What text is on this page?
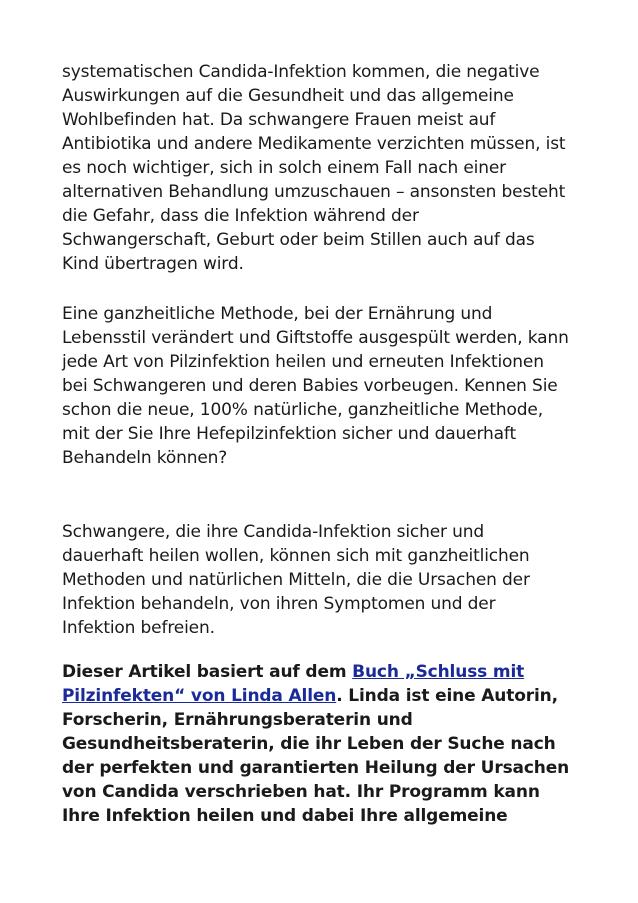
systematischen Candida-Infektion kommen, die negative
Auswirkungen auf die Gesundheit und das allgemeine
Wohlbefinden hat. Da schwangere Frauen meist auf
Antibiotika und andere Medikamente verzichten müssen, ist
es noch wichtiger, sich in solch einem Fall nach einer
alternativen Behandlung umzuschauen – ansonsten besteht
die Gefahr, dass die Infektion während der
Schwangerschaft, Geburt oder beim Stillen auch auf das
Kind übertragen wird.

Eine ganzheitliche Methode, bei der Ernährung und
Lebensstil verändert und Giftstoffe ausgespült werden, kann
jede Art von Pilzinfektion heilen und erneuten Infektionen
bei Schwangeren und deren Babies vorbeugen. Kennen Sie
schon die neue, 100% natürliche, ganzheitliche Methode,
mit der Sie Ihre Hefepilzinfektion sicher und dauerhaft
Behandeln können?

Schwangere, die ihre Candida-Infektion sicher und
dauerhaft heilen wollen, können sich mit ganzheitlichen
Methoden und natürlichen Mitteln, die die Ursachen der
Infektion behandeln, von ihren Symptomen und der
Infektion befreien.

Dieser Artikel basiert auf dem Buch „Schluss mit
Pilzinfekten“ von Linda Allen. Linda ist eine Autorin,
Forscherin, Ernährungsberaterin und
Gesundheitsberaterin, die ihr Leben der Suche nach
der perfekten und garantierten Heilung der Ursachen
von Candida verschrieben hat. Ihr Programm kann
Ihre Infektion heilen und dabei Ihre allgemeine
